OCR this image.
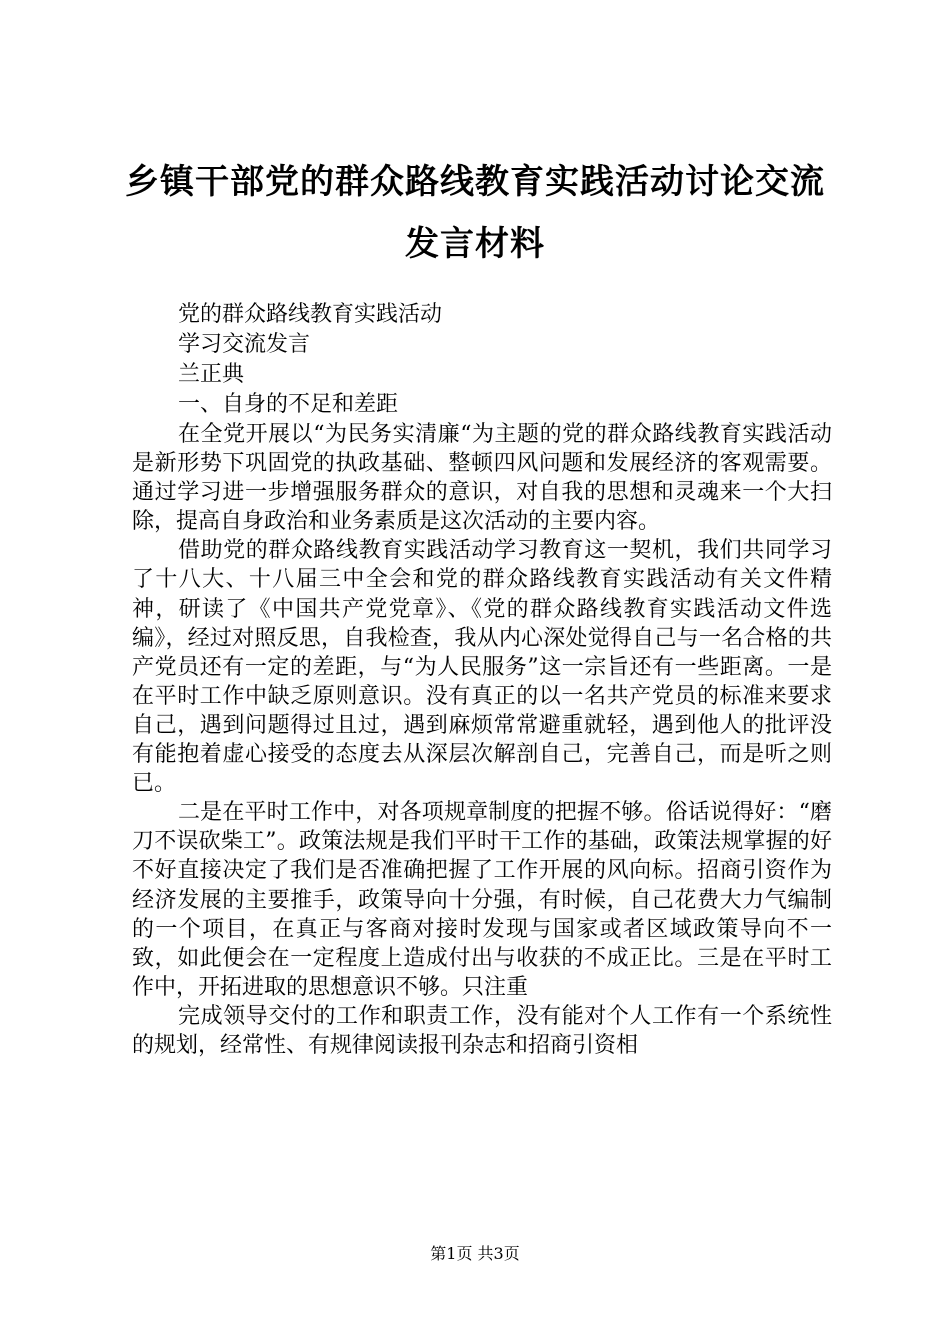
乡镇干部党的群众路线教育实践活动讨论交流
发言材料
党的群众路线教育实践活动
学习交流发言
兰正典
一、自身的不足和差距
在全党开展以“为民务实清廉“为主题的党的群众路线教育实践活动是新形势下巩固党的执政基础、整顿四风问题和发展经济的客观需要。通过学习进一步增强服务群众的意识，对自我的思想和灵魂来一个大扫除，提高自身政治和业务素质是这次活动的主要内容。
借助党的群众路线教育实践活动学习教育这一契机，我们共同学习了十八大、十八届三中全会和党的群众路线教育实践活动有关文件精神，研读了《中国共产党党章》、《党的群众路线教育实践活动文件选编》，经过对照反思，自我检查，我从内心深处觉得自己与一名合格的共产党员还有一定的差距，与“为人民服务”这一宗旨还有一些距离。一是在平时工作中缺乏原则意识。没有真正的以一名共产党员的标准来要求自己，遇到问题得过且过，遇到麻烦常常避重就轻，遇到他人的批评没有能抱着虚心接受的态度去从深层次解剖自己，完善自己，而是听之则已。
二是在平时工作中，对各项规章制度的把握不够。俗话说得好：“磨刀不误砍柴工”。政策法规是我们平时干工作的基础，政策法规掌握的好不好直接决定了我们是否准确把握了工作开展的风向标。招商引资作为经济发展的主要推手，政策导向十分强，有时候，自己花费大力气编制的一个项目，在真正与客商对接时发现与国家或者区域政策导向不一致，如此便会在一定程度上造成付出与收获的不成正比。三是在平时工作中，开拓进取的思想意识不够。只注重
完成领导交付的工作和职责工作，没有能对个人工作有一个系统性的规划，经常性、有规律阅读报刊杂志和招商引资相
第1页 共3页
